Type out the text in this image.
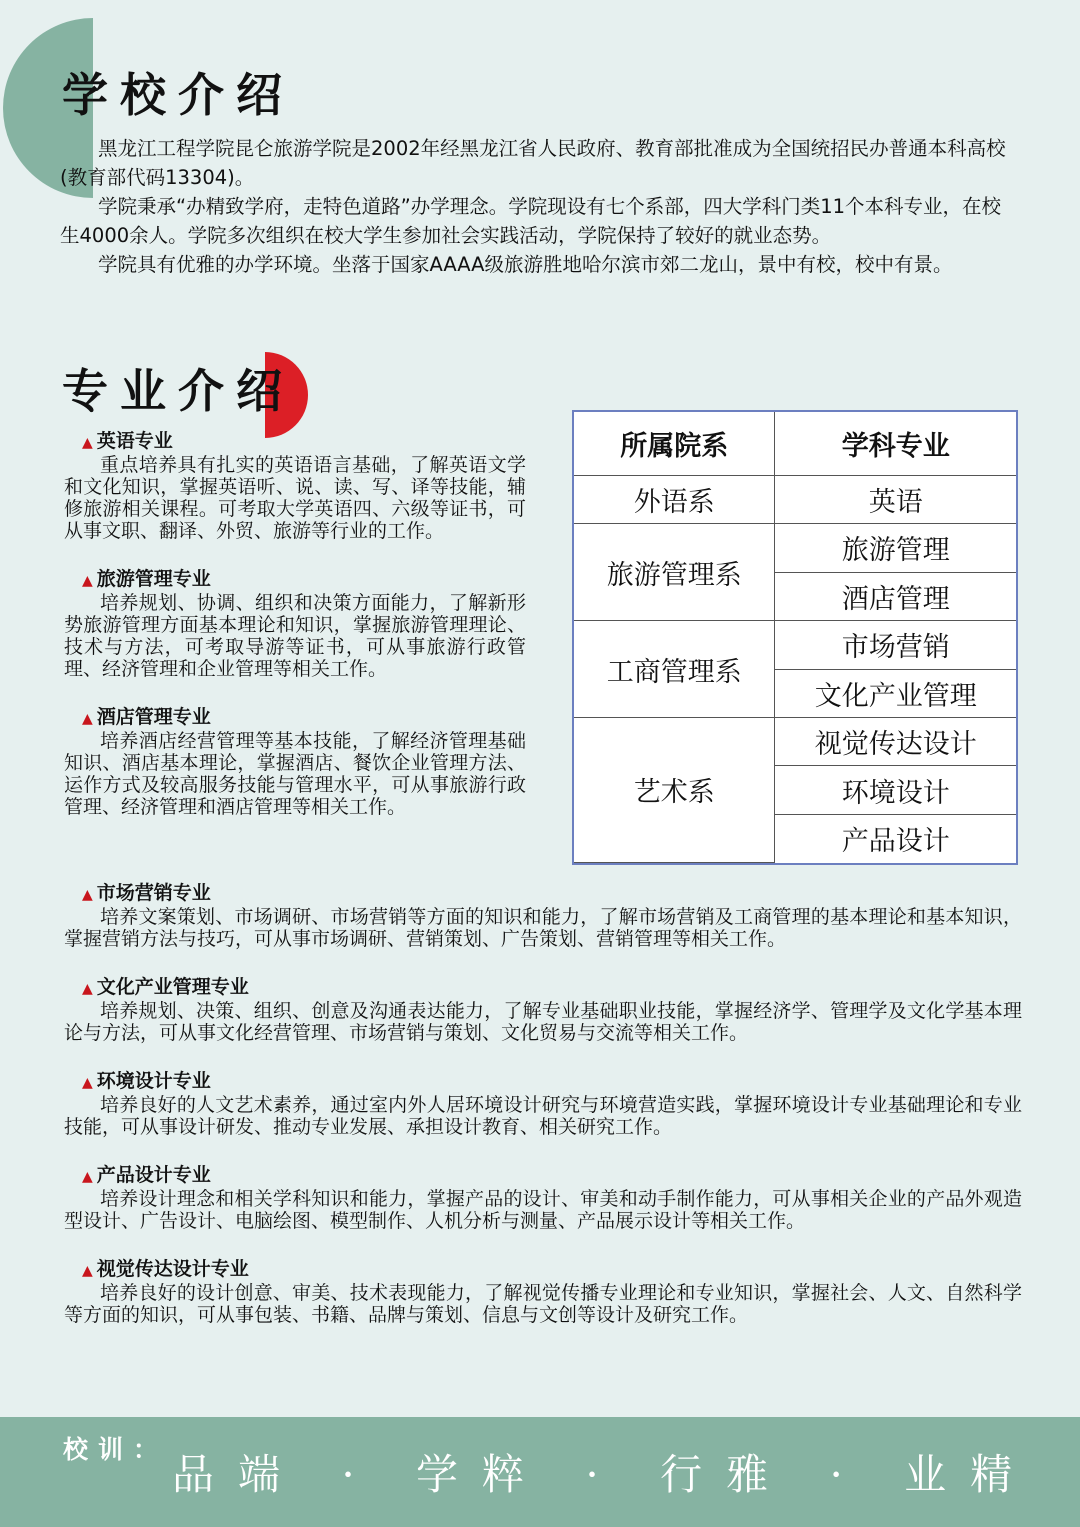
学校介绍

黑龙江工程学院昆仑旅游学院是2002年经黑龙江省人民政府、教育部批准成为全国统招民办普通本科高校(教育部代码13304)。

学院秉承“办精致学府，走特色道路”办学理念。学院现设有七个系部，四大学科门类11个本科专业，在校生4000余人。学院多次组织在校大学生参加社会实践活动，学院保持了较好的就业态势。

学院具有优雅的办学环境。坐落于国家AAAA级旅游胜地哈尔滨市郊二龙山，景中有校，校中有景。

专业介绍
▲ 英语专业

重点培养具有扎实的英语语言基础，了解英语文学和文化知识，掌握英语听、说、读、写、译等技能，辅修旅游相关课程。可考取大学英语四、六级等证书，可从事文职、翻译、外贸、旅游等行业的工作。

▲ 旅游管理专业

培养规划、协调、组织和决策方面能力，了解新形势旅游管理方面基本理论和知识，掌握旅游管理理论、技术与方法，可考取导游等证书，可从事旅游行政管理、经济管理和企业管理等相关工作。

▲ 酒店管理专业

培养酒店经营管理等基本技能，了解经济管理基础知识、酒店基本理论，掌握酒店、餐饮企业管理方法、运作方式及较高服务技能与管理水平，可从事旅游行政管理、经济管理和酒店管理等相关工作。

所属院系	学科专业
外语系	英语
旅游管理系	旅游管理
	酒店管理
工商管理系	市场营销
	文化产业管理
艺术系	视觉传达设计
	环境设计
	产品设计
▲ 市场营销专业

培养文案策划、市场调研、市场营销等方面的知识和能力，了解市场营销及工商管理的基本理论和基本知识，掌握营销方法与技巧，可从事市场调研、营销策划、广告策划、营销管理等相关工作。

▲ 文化产业管理专业

培养规划、决策、组织、创意及沟通表达能力，了解专业基础职业技能，掌握经济学、管理学及文化学基本理论与方法，可从事文化经营管理、市场营销与策划、文化贸易与交流等相关工作。

▲ 环境设计专业

培养良好的人文艺术素养，通过室内外人居环境设计研究与环境营造实践，掌握环境设计专业基础理论和专业技能，可从事设计研发、推动专业发展、承担设计教育、相关研究工作。

▲ 产品设计专业

培养设计理念和相关学科知识和能力，掌握产品的设计、审美和动手制作能力，可从事相关企业的产品外观造型设计、广告设计、电脑绘图、模型制作、人机分析与测量、产品展示设计等相关工作。

▲ 视觉传达设计专业

培养良好的设计创意、审美、技术表现能力，了解视觉传播专业理论和专业知识，掌握社会、人文、自然科学等方面的知识，可从事包装、书籍、品牌与策划、信息与文创等设计及研究工作。

校训：
品端 · 学粹 · 行雅 · 业精
